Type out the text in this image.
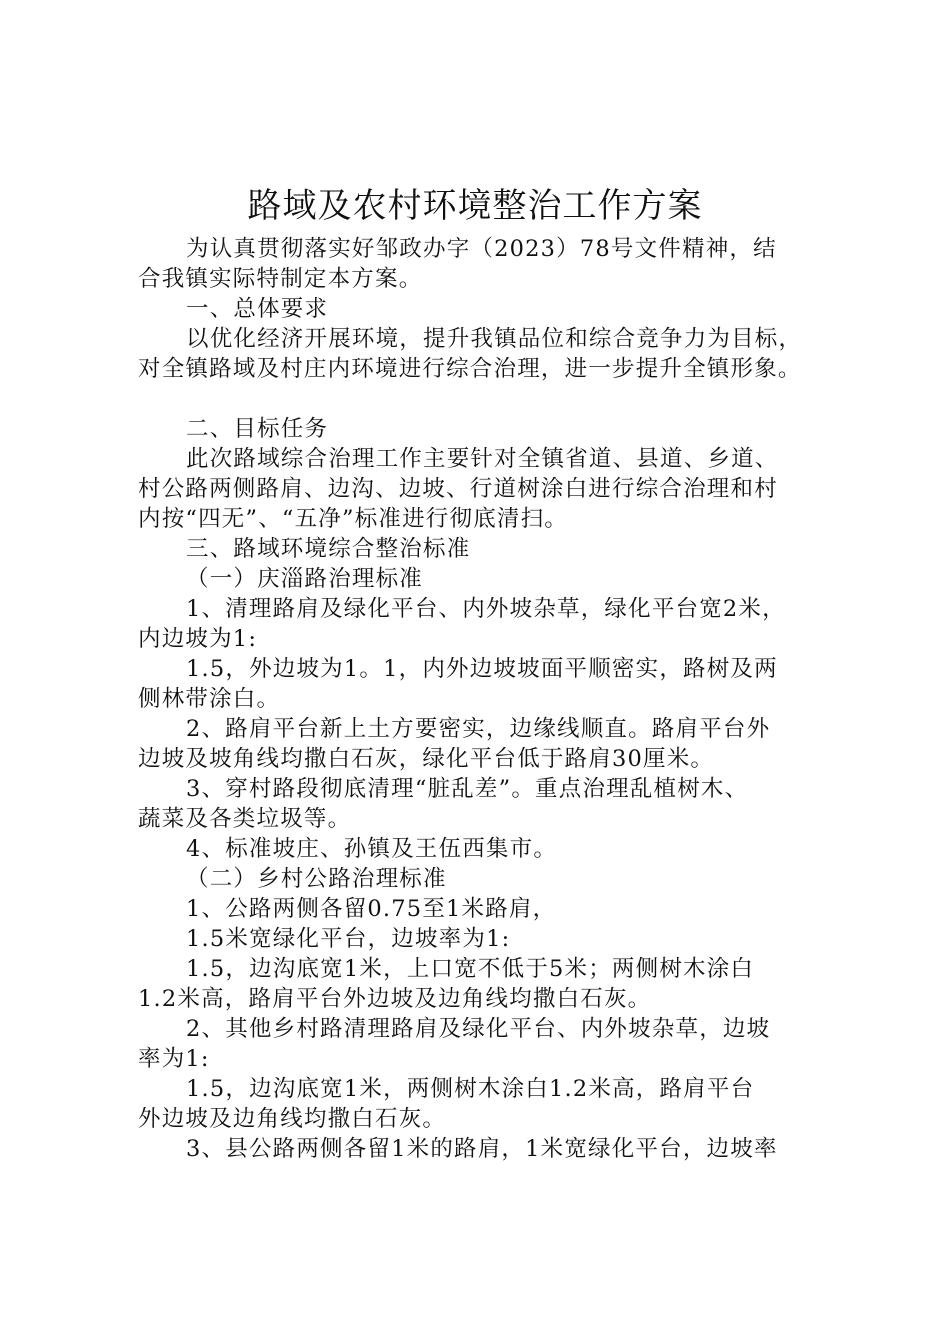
路域及农村环境整治工作方案
为认真贯彻落实好邹政办字（2023）78号文件精神，结
合我镇实际特制定本方案。
一、总体要求
以优化经济开展环境，提升我镇品位和综合竞争力为目标，
对全镇路域及村庄内环境进行综合治理，进一步提升全镇形象。
二、目标任务
此次路域综合治理工作主要针对全镇省道、县道、乡道、
村公路两侧路肩、边沟、边坡、行道树涂白进行综合治理和村
内按“四无”、“五净”标准进行彻底清扫。
三、路域环境综合整治标准
（一）庆淄路治理标准
1、清理路肩及绿化平台、内外坡杂草，绿化平台宽2米，
内边坡为1:
1.5，外边坡为1。1，内外边坡坡面平顺密实，路树及两
侧林带涂白。
2、路肩平台新上土方要密实，边缘线顺直。路肩平台外
边坡及坡角线均撒白石灰，绿化平台低于路肩30厘米。
3、穿村路段彻底清理“脏乱差”。重点治理乱植树木、
蔬菜及各类垃圾等。
4、标准坡庄、孙镇及王伍西集市。
（二）乡村公路治理标准
1、公路两侧各留0.75至1米路肩，
1.5米宽绿化平台，边坡率为1:
1.5，边沟底宽1米，上口宽不低于5米；两侧树木涂白
1.2米高，路肩平台外边坡及边角线均撒白石灰。
2、其他乡村路清理路肩及绿化平台、内外坡杂草，边坡
率为1:
1.5，边沟底宽1米，两侧树木涂白1.2米高，路肩平台
外边坡及边角线均撒白石灰。
3、县公路两侧各留1米的路肩，1米宽绿化平台，边坡率
